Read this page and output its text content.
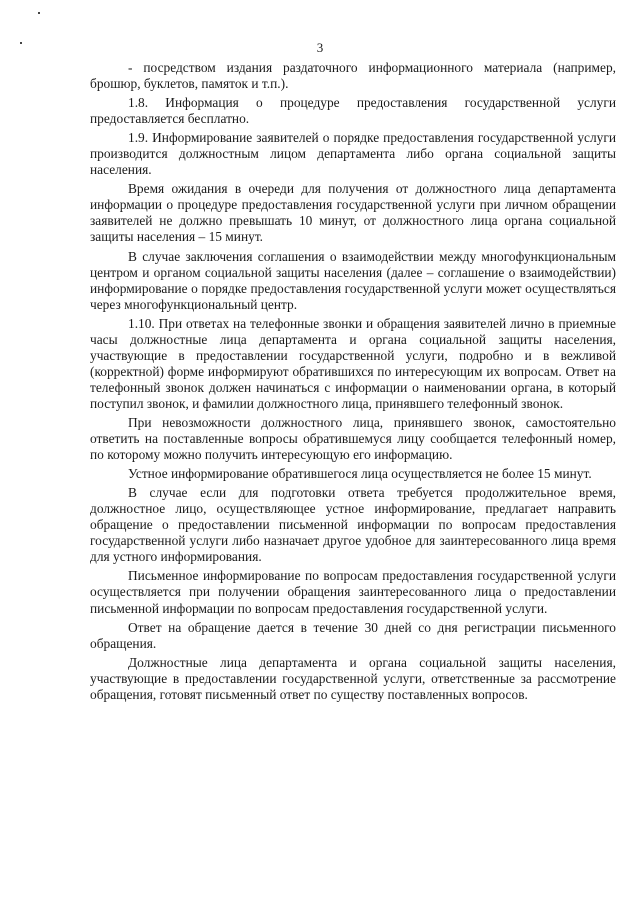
3

- посредством издания раздаточного информационного материала (например, брошюр, буклетов, памяток и т.п.).

1.8. Информация о процедуре предоставления государственной услуги предоставляется бесплатно.

1.9. Информирование заявителей о порядке предоставления государственной услуги производится должностным лицом департамента либо органа социальной защиты населения.

Время ожидания в очереди для получения от должностного лица департамента информации о процедуре предоставления государственной услуги при личном обращении заявителей не должно превышать 10 минут, от должностного лица органа социальной защиты населения – 15 минут.

В случае заключения соглашения о взаимодействии между многофункциональным центром и органом социальной защиты населения (далее – соглашение о взаимодействии) информирование о порядке предоставления государственной услуги может осуществляться через многофункциональный центр.

1.10. При ответах на телефонные звонки и обращения заявителей лично в приемные часы должностные лица департамента и органа социальной защиты населения, участвующие в предоставлении государственной услуги, подробно и в вежливой (корректной) форме информируют обратившихся по интересующим их вопросам. Ответ на телефонный звонок должен начинаться с информации о наименовании органа, в который поступил звонок, и фамилии должностного лица, принявшего телефонный звонок.

При невозможности должностного лица, принявшего звонок, самостоятельно ответить на поставленные вопросы обратившемуся лицу сообщается телефонный номер, по которому можно получить интересующую его информацию.

Устное информирование обратившегося лица осуществляется не более 15 минут.

В случае если для подготовки ответа требуется продолжительное время, должностное лицо, осуществляющее устное информирование, предлагает направить обращение о предоставлении письменной информации по вопросам предоставления государственной услуги либо назначает другое удобное для заинтересованного лица время для устного информирования.

Письменное информирование по вопросам предоставления государственной услуги осуществляется при получении обращения заинтересованного лица о предоставлении письменной информации по вопросам предоставления государственной услуги.

Ответ на обращение дается в течение 30 дней со дня регистрации письменного обращения.

Должностные лица департамента и органа социальной защиты населения, участвующие в предоставлении государственной услуги, ответственные за рассмотрение обращения, готовят письменный ответ по существу поставленных вопросов.
